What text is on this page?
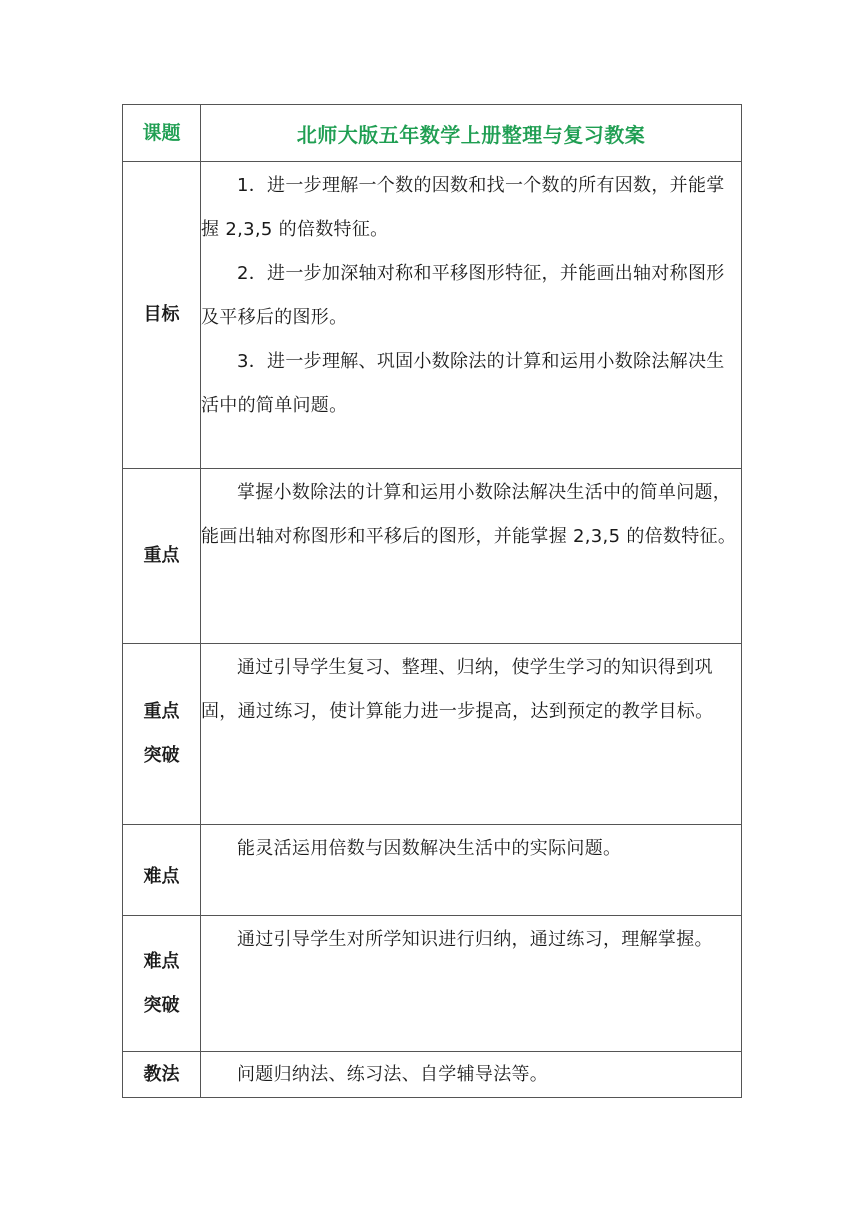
课题	北师大版五年数学上册整理与复习教案

目标	1．进一步理解一个数的因数和找一个数的所有因数，并能掌握 2,3,5 的倍数特征。

2．进一步加深轴对称和平移图形特征，并能画出轴对称图形及平移后的图形。

3．进一步理解、巩固小数除法的计算和运用小数除法解决生活中的简单问题。

重点	掌握小数除法的计算和运用小数除法解决生活中的简单问题，能画出轴对称图形和平移后的图形，并能掌握 2,3,5 的倍数特征。

重点
突破	通过引导学生复习、整理、归纳，使学生学习的知识得到巩固，通过练习，使计算能力进一步提高，达到预定的教学目标。

难点	能灵活运用倍数与因数解决生活中的实际问题。

难点
突破	通过引导学生对所学知识进行归纳，通过练习，理解掌握。

教法	问题归纳法、练习法、自学辅导法等。
